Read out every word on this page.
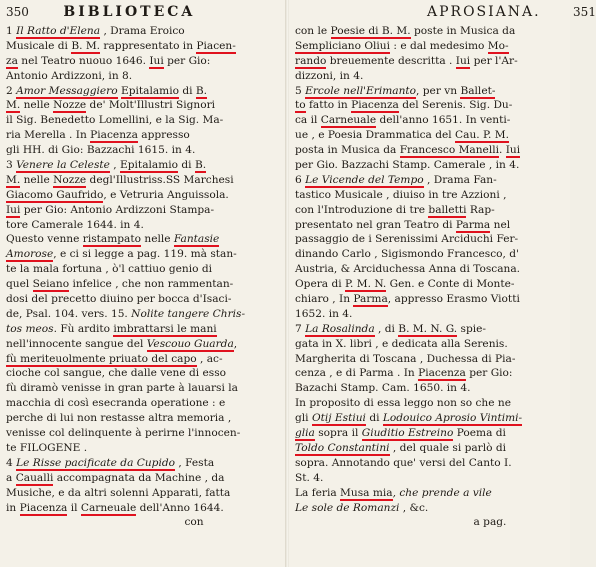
350 BIBLIOTECA
1 Il Ratto d'Elena , Drama Eroico
Musicale di B. M. rappresentato in Piacen-
za nel Teatro nuouo 1646. Iui per Gio:
Antonio Ardizzoni, in 8.
2 Amor Messaggiero Epitalamio di B.
M. nelle Nozze de' Molt'Illustri Signori
il Sig. Benedetto Lomellini, e la Sig. Ma-
ria Merella . In Piacenza appresso
gli HH. di Gio: Bazzachi 1615. in 4.
3 Venere la Celeste , Epitalamio di B.
M. nelle Nozze degl'Illustriss.SS Marchesi
Giacomo Gaufrido, e Vetruria Anguissola.
Iui per Gio: Antonio Ardizzoni Stampa-
tore Camerale 1644. in 4.
Questo venne ristampato nelle Fantasie
Amorose, e ci si legge a pag. 119. mà stan-
te la mala fortuna , ò'l cattiuo genio di
quel Seiano infelice , che non rammentan-
dosi del precetto diuino per bocca d'Isaci-
de, Psal. 104. vers. 15. Nolite tangere Chris-
tos meos. Fù ardito imbrattarsi le mani
nell'innocente sangue del Vescouo Guarda,
fù meriteuolmente priuato del capo , ac-
cioche col sangue, che dalle vene di esso
fù diramò venisse in gran parte à lauarsi la
macchia di così esecranda operatione : e
perche di lui non restasse altra memoria ,
venisse col delinquente à perirne l'innocen-
te FILOGENE .
4 Le Risse pacificate da Cupido , Festa
a Caualli accompagnata da Machine , da
Musiche, e da altri solenni Apparati, fatta
in Piacenza il Carneuale dell'Anno 1644.
con
APROSIANA.	351
con le Poesie di B. M. poste in Musica da
Sempliciano Oliui : e dal medesimo Mo-
rando breuemente descritta . Iui per l'Ar-
dizzoni, in 4.
5 Ercole nell'Erimanto, per vn Ballet-
to fatto in Piacenza del Serenis. Sig. Du-
ca il Carneuale dell'anno 1651. In venti-
ue , e Poesia Drammatica del Cau. P. M.
posta in Musica da Francesco Manelli. Iui
per Gio. Bazzachi Stamp. Camerale , in 4.
6 Le Vicende del Tempo , Drama Fan-
tastico Musicale , diuiso in tre Azzioni ,
con l'Introduzione di tre balletti Rap-
presentato nel gran Teatro di Parma nel
passaggio de i Serenissimi Arciduchi Fer-
dinando Carlo , Sigismondo Francesco, d'
Austria, & Arciduchessa Anna di Toscana.
Opera di P. M. N. Gen. e Conte di Monte-
chiaro , In Parma, appresso Erasmo Viotti
1652. in 4.
7 La Rosalinda , di B. M. N. G. spie-
gata in X. libri , e dedicata alla Serenis.
Margherita di Toscana , Duchessa di Pia-
cenza , e di Parma . In Piacenza per Gio:
Bazachi Stamp. Cam. 1650. in 4.
In proposito di essa leggo non so che ne
gli Otij Estiui di Lodouico Aprosio Vintimi-
glia sopra il Giuditio Estreino Poema di
Toldo Constantini , del quale si parlò di
sopra. Annotando que' versi del Canto I.
St. 4.
La feria Musa mia, che prende a vile
Le sole de Romanzi , &c.
a pag.
